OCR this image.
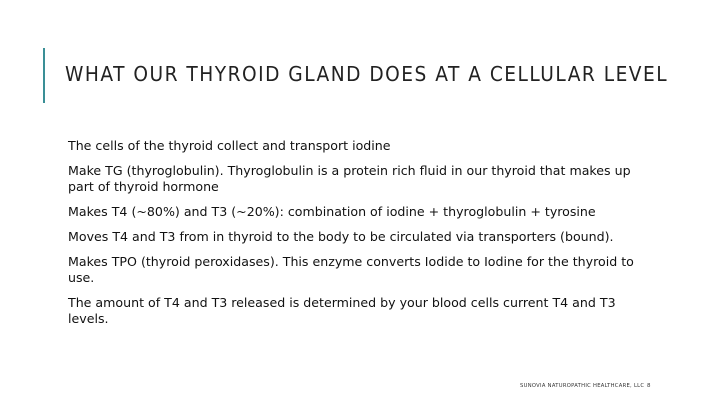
WHAT OUR THYROID GLAND DOES AT A CELLULAR LEVEL

The cells of the thyroid collect and transport iodine

Make TG (thyroglobulin). Thyroglobulin is a protein rich fluid in our thyroid that makes up part of thyroid hormone

Makes T4 (~80%) and T3 (~20%): combination of iodine + thyroglobulin + tyrosine

Moves T4 and T3 from in thyroid to the body to be circulated via transporters (bound).

Makes TPO (thyroid peroxidases). This enzyme converts Iodide to Iodine for the thyroid to use.

The amount of T4 and T3 released is determined by your blood cells current T4 and T3 levels.

SUNOVIA NATUROPATHIC HEALTHCARE, LLC 8
